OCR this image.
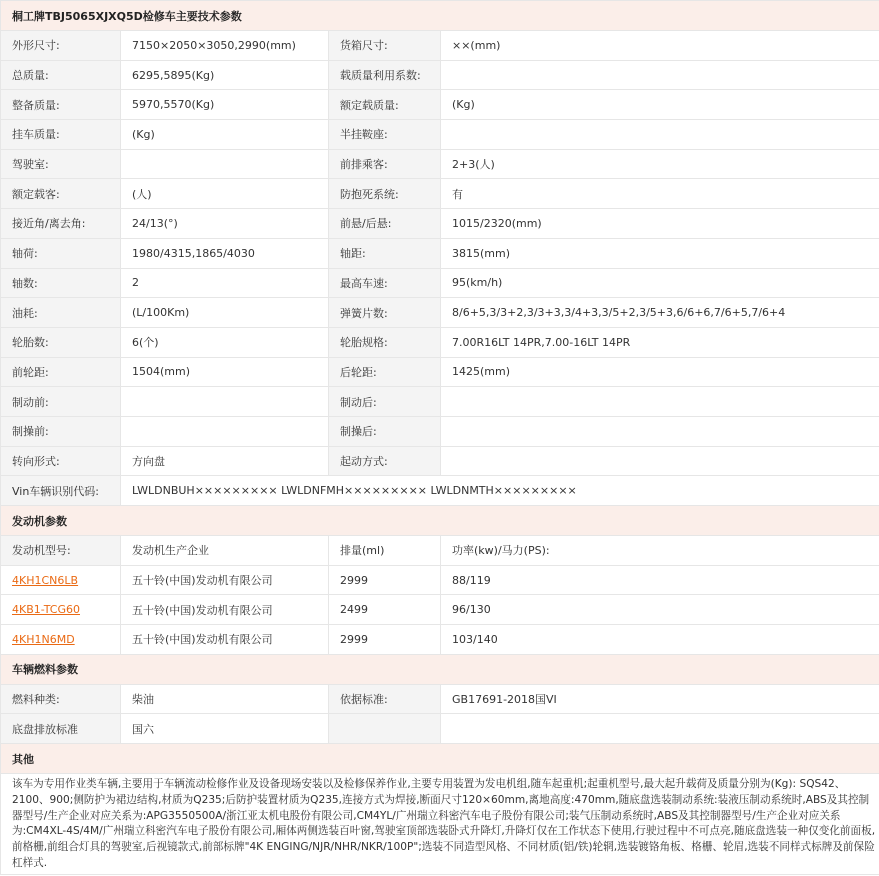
桐工牌TBJ5065XJXQ5D检修车主要技术参数			
外形尺寸:	7150×2050×3050,2990(mm)	货箱尺寸:	××(mm)
总质量:	6295,5895(Kg)	载质量利用系数:	
整备质量:	5970,5570(Kg)	额定载质量:	(Kg)
挂车质量:	(Kg)	半挂鞍座:	
驾驶室:		前排乘客:	2+3(人)
额定载客:	(人)	防抱死系统:	有
接近角/离去角:	24/13(°)	前悬/后悬:	1015/2320(mm)
轴荷:	1980/4315,1865/4030	轴距:	3815(mm)
轴数:	2	最高车速:	95(km/h)
油耗:	(L/100Km)	弹簧片数:	8/6+5,3/3+2,3/3+3,3/4+3,3/5+2,3/5+3,6/6+6,7/6+5,7/6+4
轮胎数:	6(个)	轮胎规格:	7.00R16LT 14PR,7.00-16LT 14PR
前轮距:	1504(mm)	后轮距:	1425(mm)
制动前:		制动后:	
制操前:		制操后:	
转向形式:	方向盘	起动方式:	
Vin车辆识别代码:	LWLDNBUH××××××××× LWLDNFMH××××××××× LWLDNMTH×××××××××		
发动机参数			
发动机型号:	发动机生产企业	排量(ml)	功率(kw)/马力(PS):
4KH1CN6LB	五十铃(中国)发动机有限公司	2999	88/119
4KB1-TCG60	五十铃(中国)发动机有限公司	2499	96/130
4KH1N6MD	五十铃(中国)发动机有限公司	2999	103/140
车辆燃料参数			
燃料种类:	柴油	依据标准:	GB17691-2018国VI
底盘排放标准	国六		
其他			
该车为专用作业类车辆,主要用于车辆流动检修作业及设备现场安装以及检修保养作业,主要专用装置为发电机组,随车起重机;起重机型号,最大起升载荷及质量分别为(Kg): SQS42、2100、900;侧防护为裙边结构,材质为Q235;后防护装置材质为Q235,连接方式为焊接,断面尺寸120×60mm,离地高度:470mm,随底盘选装制动系统:装液压制动系统时,ABS及其控制器型号/生产企业对应关系为:APG3550500A/浙江亚太机电股份有限公司,CM4YL/广州瑞立科密汽车电子股份有限公司;装气压制动系统时,ABS及其控制器型号/生产企业对应关系为:CM4XL-4S/4M/广州瑞立科密汽车电子股份有限公司,厢体两侧选装百叶窗,驾驶室顶部选装卧式升降灯,升降灯仅在工作状态下使用,行驶过程中不可点亮,随底盘选装一种仅变化前面板,前格栅,前组合灯具的驾驶室,后视镜款式,前部标牌"4K ENGING/NJR/NHR/NKR/100P";选装不同造型风格、不同材质(铝/铁)轮辋,选装镀铬角板、格栅、轮眉,选装不同样式标牌及前保险杠样式.			
